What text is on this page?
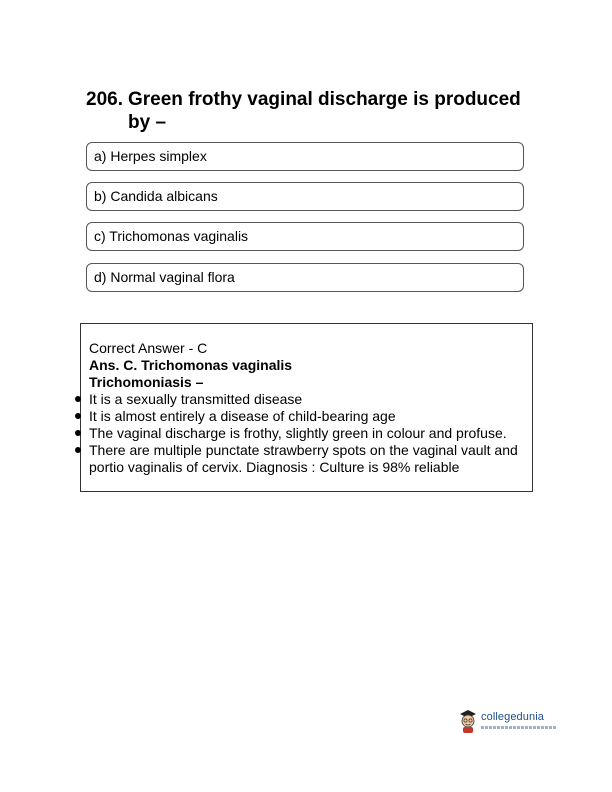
206. Green frothy vaginal discharge is produced by –
a) Herpes simplex
b) Candida albicans
c) Trichomonas vaginalis
d) Normal vaginal flora
Correct Answer - C
Ans. C. Trichomonas vaginalis
Trichomoniasis –
It is a sexually transmitted disease
It is almost entirely a disease of child-bearing age
The vaginal discharge is frothy, slightly green in colour and profuse.
There are multiple punctate strawberry spots on the vaginal vault and portio vaginalis of cervix. Diagnosis : Culture is 98% reliable
collegedunia
